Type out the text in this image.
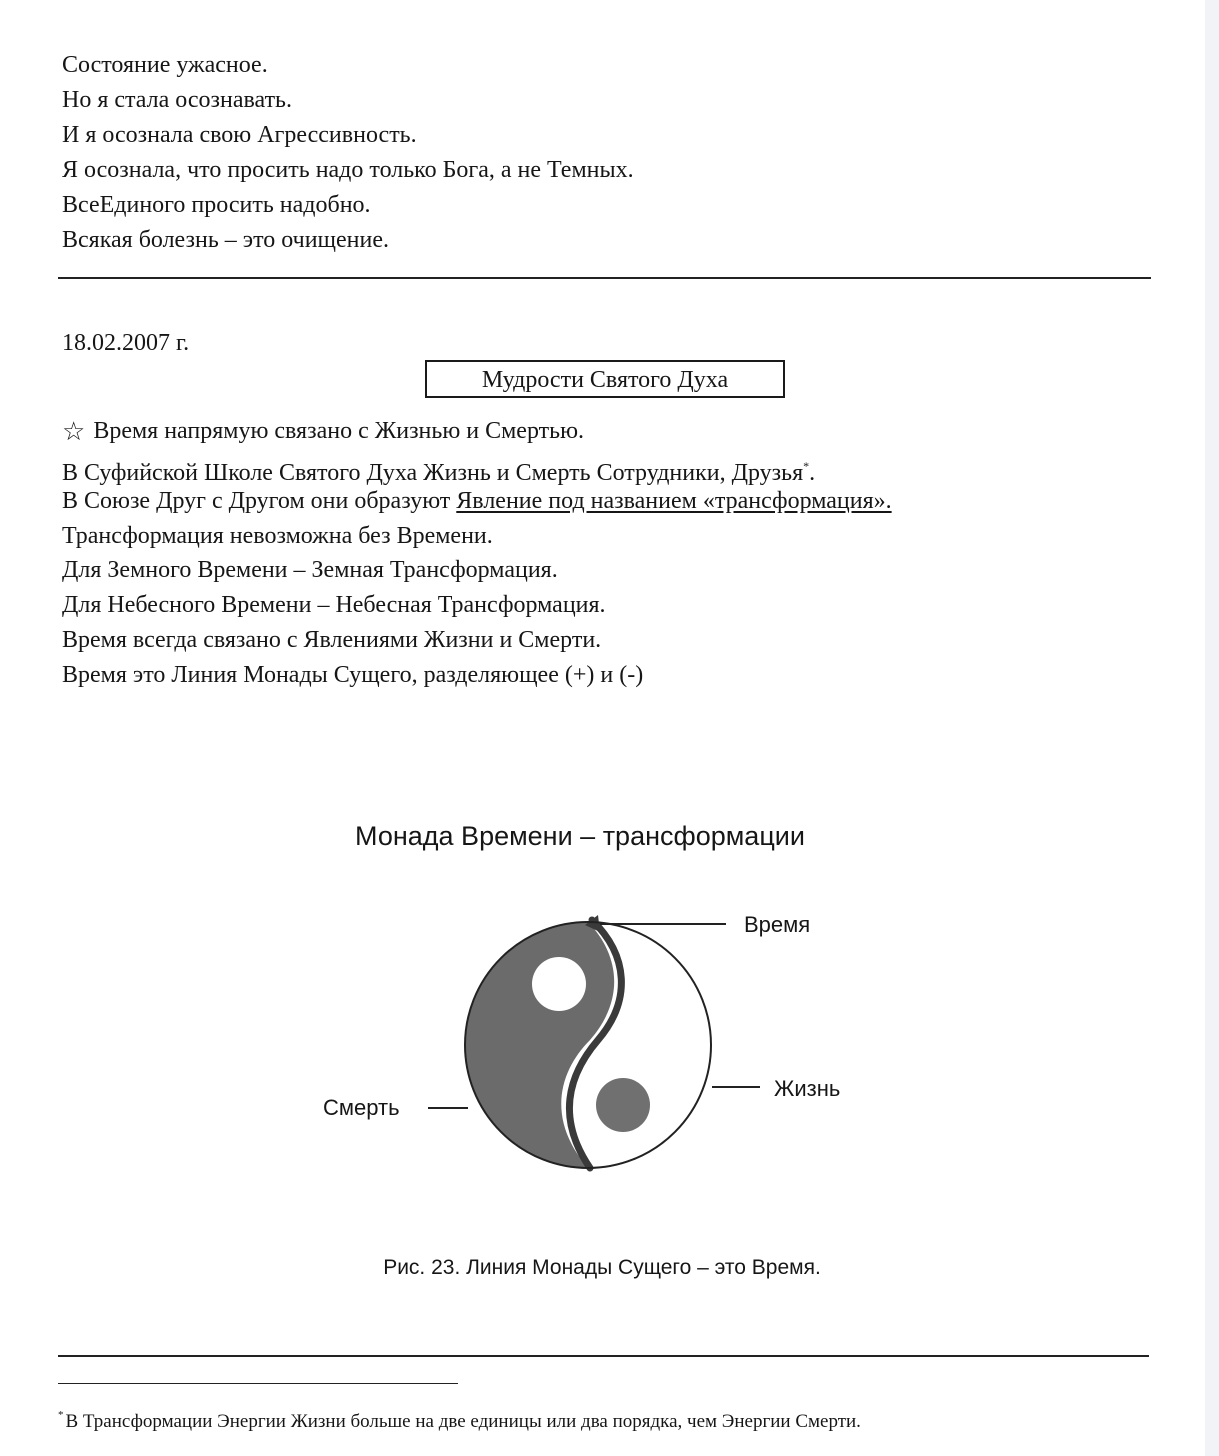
Состояние ужасное.
Но я стала осознавать.
И я осознала свою Агрессивность.
Я осознала, что просить надо только Бога, а не Темных.
ВсеЕдиного просить надобно.
Всякая болезнь – это очищение.
18.02.2007 г.
Мудрости Святого Духа
☆ Время напрямую связано с Жизнью и Смертью.
В Суфийской Школе Святого Духа Жизнь и Смерть Сотрудники, Друзья*.
В Союзе Друг с Другом они образуют Явление под названием «трансформация».
Трансформация невозможна без Времени.
Для Земного Времени – Земная Трансформация.
Для Небесного Времени – Небесная Трансформация.
Время всегда связано с Явлениями Жизни и Смерти.
Время это Линия Монады Сущего, разделяющее (+) и (-)
Монада Времени – трансформации
Время
Жизнь
Смерть
Рис. 23. Линия Монады Сущего – это Время.
* В Трансформации Энергии Жизни больше на две единицы или два порядка, чем Энергии Смерти.
